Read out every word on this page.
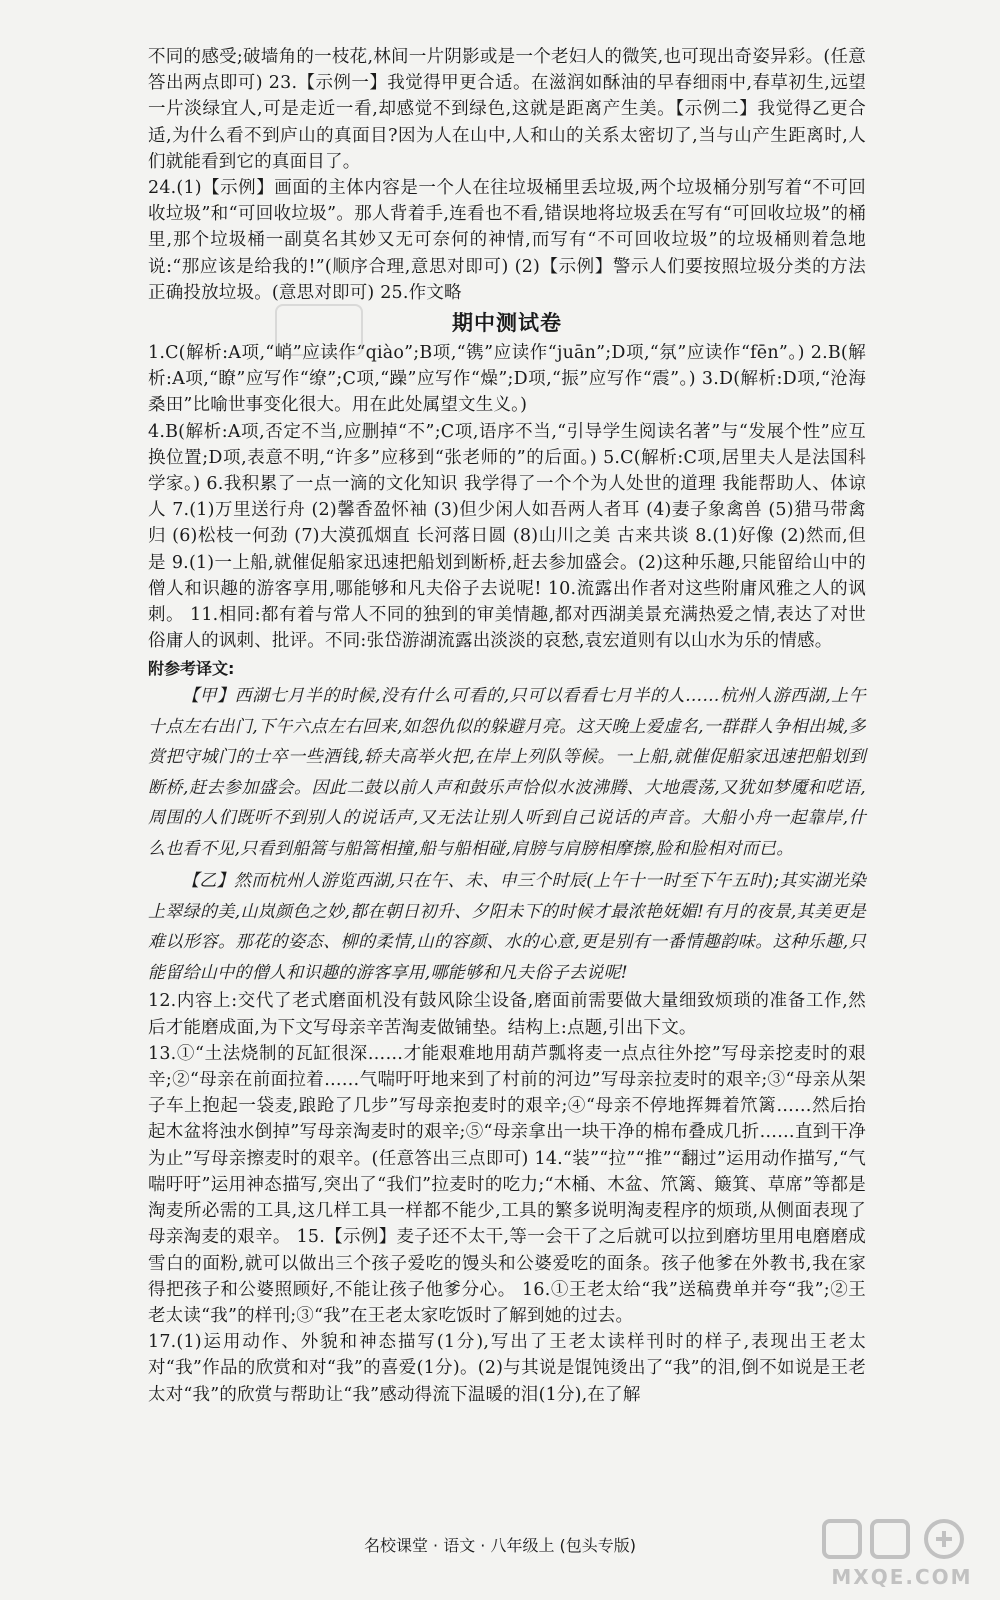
不同的感受;破墙角的一枝花,林间一片阴影或是一个老妇人的微笑,也可现出奇姿异彩。(任意答出两点即可) 23.【示例一】我觉得甲更合适。在滋润如酥油的早春细雨中,春草初生,远望一片淡绿宜人,可是走近一看,却感觉不到绿色,这就是距离产生美。【示例二】我觉得乙更合适,为什么看不到庐山的真面目?因为人在山中,人和山的关系太密切了,当与山产生距离时,人们就能看到它的真面目了。

24.(1)【示例】画面的主体内容是一个人在往垃圾桶里丢垃圾,两个垃圾桶分别写着“不可回收垃圾”和“可回收垃圾”。那人背着手,连看也不看,错误地将垃圾丢在写有“可回收垃圾”的桶里,那个垃圾桶一副莫名其妙又无可奈何的神情,而写有“不可回收垃圾”的垃圾桶则着急地说:“那应该是给我的!”(顺序合理,意思对即可) (2)【示例】警示人们要按照垃圾分类的方法正确投放垃圾。(意思对即可) 25.作文略

期中测试卷

1.C(解析:A项,“峭”应读作“qiào”;B项,“镌”应读作“juān”;D项,“氛”应读作“fēn”。) 2.B(解析:A项,“瞭”应写作“缭”;C项,“躁”应写作“燥”;D项,“振”应写作“震”。) 3.D(解析:D项,“沧海桑田”比喻世事变化很大。用在此处属望文生义。)

4.B(解析:A项,否定不当,应删掉“不”;C项,语序不当,“引导学生阅读名著”与“发展个性”应互换位置;D项,表意不明,“许多”应移到“张老师的”的后面。) 5.C(解析:C项,居里夫人是法国科学家。) 6.我积累了一点一滴的文化知识 我学得了一个个为人处世的道理 我能帮助人、体谅人 7.(1)万里送行舟 (2)馨香盈怀袖 (3)但少闲人如吾两人者耳 (4)妻子象禽兽 (5)猎马带禽归 (6)松枝一何劲 (7)大漠孤烟直 长河落日圆 (8)山川之美 古来共谈 8.(1)好像 (2)然而,但是 9.(1)一上船,就催促船家迅速把船划到断桥,赶去参加盛会。(2)这种乐趣,只能留给山中的僧人和识趣的游客享用,哪能够和凡夫俗子去说呢! 10.流露出作者对这些附庸风雅之人的讽刺。 11.相同:都有着与常人不同的独到的审美情趣,都对西湖美景充满热爱之情,表达了对世俗庸人的讽刺、批评。不同:张岱游湖流露出淡淡的哀愁,袁宏道则有以山水为乐的情感。

附参考译文:

【甲】西湖七月半的时候,没有什么可看的,只可以看看七月半的人……杭州人游西湖,上午十点左右出门,下午六点左右回来,如怨仇似的躲避月亮。这天晚上爱虚名,一群群人争相出城,多赏把守城门的士卒一些酒钱,轿夫高举火把,在岸上列队等候。一上船,就催促船家迅速把船划到断桥,赶去参加盛会。因此二鼓以前人声和鼓乐声恰似水波沸腾、大地震荡,又犹如梦魇和呓语,周围的人们既听不到别人的说话声,又无法让别人听到自己说话的声音。大船小舟一起靠岸,什么也看不见,只看到船篙与船篙相撞,船与船相碰,肩膀与肩膀相摩擦,脸和脸相对而已。

【乙】然而杭州人游览西湖,只在午、未、申三个时辰(上午十一时至下午五时);其实湖光染上翠绿的美,山岚颜色之妙,都在朝日初升、夕阳未下的时候才最浓艳妩媚!有月的夜景,其美更是难以形容。那花的姿态、柳的柔情,山的容颜、水的心意,更是别有一番情趣韵味。这种乐趣,只能留给山中的僧人和识趣的游客享用,哪能够和凡夫俗子去说呢!

12.内容上:交代了老式磨面机没有鼓风除尘设备,磨面前需要做大量细致烦琐的准备工作,然后才能磨成面,为下文写母亲辛苦淘麦做铺垫。结构上:点题,引出下文。

13.①“土法烧制的瓦缸很深……才能艰难地用葫芦瓢将麦一点点往外挖”写母亲挖麦时的艰辛;②“母亲在前面拉着……气喘吁吁地来到了村前的河边”写母亲拉麦时的艰辛;③“母亲从架子车上抱起一袋麦,踉跄了几步”写母亲抱麦时的艰辛;④“母亲不停地挥舞着笊篱……然后抬起木盆将浊水倒掉”写母亲淘麦时的艰辛;⑤“母亲拿出一块干净的棉布叠成几折……直到干净为止”写母亲擦麦时的艰辛。(任意答出三点即可) 14.“装”“拉”“推”“翻过”运用动作描写,“气喘吁吁”运用神态描写,突出了“我们”拉麦时的吃力;“木桶、木盆、笊篱、簸箕、草席”等都是淘麦所必需的工具,这几样工具一样都不能少,工具的繁多说明淘麦程序的烦琐,从侧面表现了母亲淘麦的艰辛。 15.【示例】麦子还不太干,等一会干了之后就可以拉到磨坊里用电磨磨成雪白的面粉,就可以做出三个孩子爱吃的馒头和公婆爱吃的面条。孩子他爹在外教书,我在家得把孩子和公婆照顾好,不能让孩子他爹分心。 16.①王老太给“我”送稿费单并夸“我”;②王老太读“我”的样刊;③“我”在王老太家吃饭时了解到她的过去。

17.(1)运用动作、外貌和神态描写(1分),写出了王老太读样刊时的样子,表现出王老太对“我”作品的欣赏和对“我”的喜爱(1分)。(2)与其说是馄饨烫出了“我”的泪,倒不如说是王老太对“我”的欣赏与帮助让“我”感动得流下温暖的泪(1分),在了解

名校课堂 · 语文 · 八年级上 (包头专版)
MXQE.COM
